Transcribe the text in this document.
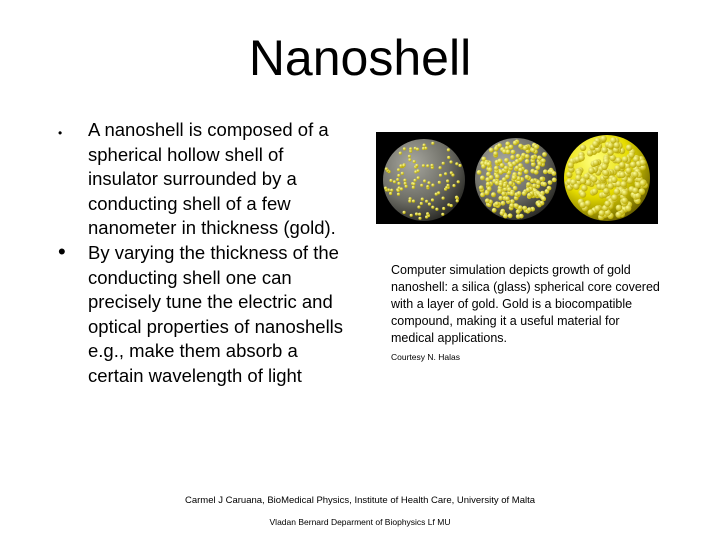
Nanoshell
• A nanoshell is composed of a spherical hollow shell of insulator surrounded by a conducting shell of a few nanometer in thickness (gold).
• By varying the thickness of the conducting shell one can precisely tune the electric and optical properties of nanoshells e.g., make them absorb a certain wavelength of light
Computer simulation depicts growth of gold nanoshell: a silica (glass) spherical core covered with a layer of gold. Gold is a biocompatible compound, making it a useful material for medical applications.
Courtesy N. Halas
Carmel J Caruana, BioMedical Physics, Institute of Health Care, University of Malta
Vladan Bernard Deparment of Biophysics Lf MU
